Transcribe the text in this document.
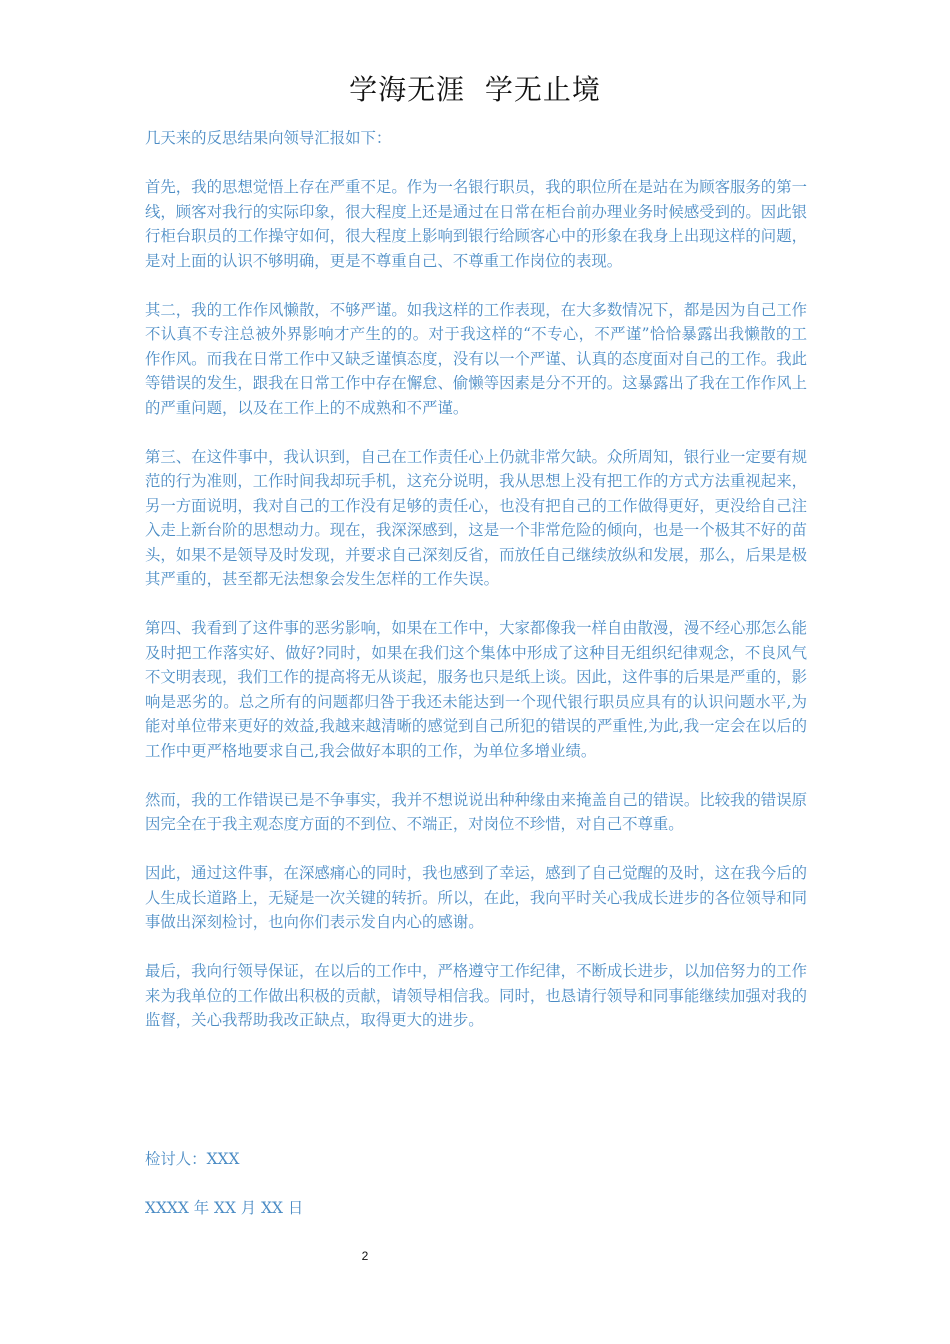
学海无涯  学无止境

几天来的反思结果向领导汇报如下：

首先，我的思想觉悟上存在严重不足。作为一名银行职员，我的职位所在是站在为顾客服务的第一线，顾客对我行的实际印象，很大程度上还是通过在日常在柜台前办理业务时候感受到的。因此银行柜台职员的工作操守如何，很大程度上影响到银行给顾客心中的形象在我身上出现这样的问题，是对上面的认识不够明确，更是不尊重自己、不尊重工作岗位的表现。

其二，我的工作作风懒散，不够严谨。如我这样的工作表现，在大多数情况下，都是因为自己工作不认真不专注总被外界影响才产生的的。对于我这样的“不专心，不严谨”恰恰暴露出我懒散的工作作风。而我在日常工作中又缺乏谨慎态度，没有以一个严谨、认真的态度面对自己的工作。我此等错误的发生，跟我在日常工作中存在懈怠、偷懒等因素是分不开的。这暴露出了我在工作作风上的严重问题，以及在工作上的不成熟和不严谨。

第三、在这件事中，我认识到，自己在工作责任心上仍就非常欠缺。众所周知，银行业一定要有规范的行为准则，工作时间我却玩手机，这充分说明，我从思想上没有把工作的方式方法重视起来，另一方面说明，我对自己的工作没有足够的责任心，也没有把自己的工作做得更好，更没给自己注入走上新台阶的思想动力。现在，我深深感到，这是一个非常危险的倾向，也是一个极其不好的苗头，如果不是领导及时发现，并要求自己深刻反省，而放任自己继续放纵和发展，那么，后果是极其严重的，甚至都无法想象会发生怎样的工作失误。

第四、我看到了这件事的恶劣影响，如果在工作中，大家都像我一样自由散漫，漫不经心那怎么能及时把工作落实好、做好?同时，如果在我们这个集体中形成了这种目无组织纪律观念，不良风气不文明表现，我们工作的提高将无从谈起，服务也只是纸上谈。因此，这件事的后果是严重的，影响是恶劣的。总之所有的问题都归咎于我还未能达到一个现代银行职员应具有的认识问题水平,为能对单位带来更好的效益,我越来越清晰的感觉到自己所犯的错误的严重性,为此,我一定会在以后的工作中更严格地要求自己,我会做好本职的工作，为单位多增业绩。

然而，我的工作错误已是不争事实，我并不想说说出种种缘由来掩盖自己的错误。比较我的错误原因完全在于我主观态度方面的不到位、不端正，对岗位不珍惜，对自己不尊重。

因此，通过这件事，在深感痛心的同时，我也感到了幸运，感到了自己觉醒的及时，这在我今后的人生成长道路上，无疑是一次关键的转折。所以，在此，我向平时关心我成长进步的各位领导和同事做出深刻检讨，也向你们表示发自内心的感谢。

最后，我向行领导保证，在以后的工作中，严格遵守工作纪律，不断成长进步，以加倍努力的工作来为我单位的工作做出积极的贡献，请领导相信我。同时，也恳请行领导和同事能继续加强对我的监督，关心我帮助我改正缺点，取得更大的进步。

检讨人：XXX
XXXX 年 XX 月 XX 日
2
